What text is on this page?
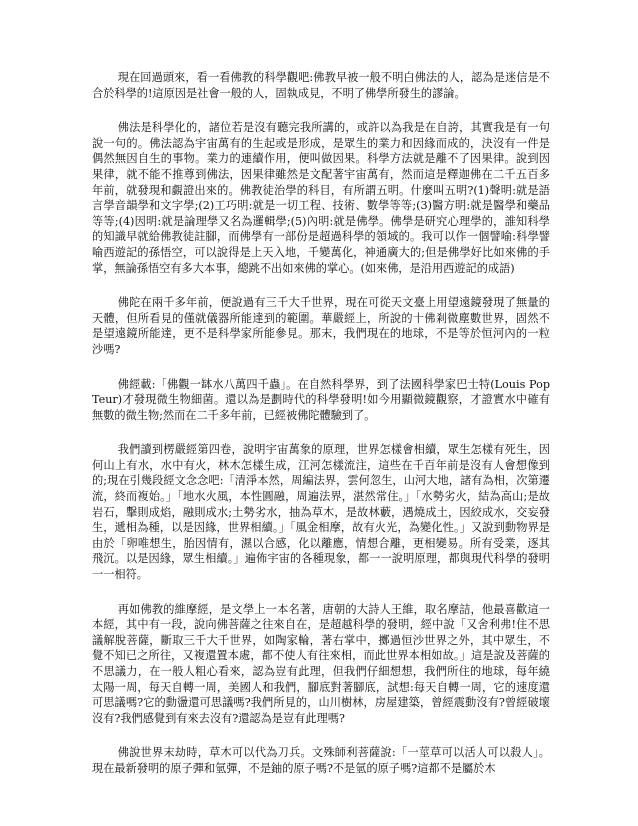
現在回過頭來，看一看佛教的科學觀吧:佛教早被一般不明白佛法的人，認為是迷信是不合於科學的!這原因是社會一般的人，固執成見，不明了佛學所發生的謬論。

佛法是科學化的，諸位若是沒有聽完我所講的，或許以為我是在自誇，其實我是有一句說一句的。佛法認為宇宙萬有的生起或是形成，是眾生的業力和因緣而成的，決沒有一件是偶然無因自生的事物。業力的連續作用，便叫做因果。科學方法就是離不了因果律。說到因果律，就不能不推尊到佛法，因果律雖然是文配著宇宙萬有，然而這是釋迦佛在二千五百多年前，就發現和覷證出來的。佛教徒治學的科目，有所謂五明。什麼叫五明?(1)聲明:就是語言學音韻學和文字學;(2)工巧明:就是一切工程、技術、數學等等;(3)醫方明:就是醫學和藥品等等;(4)因明:就是論理學又名為邏輯學;(5)內明:就是佛學。佛學是研究心理學的，誰知科學的知識早就給佛教徒註腳，而佛學有一部份是超過科學的領域的。我可以作一個譬喻:科學譬喻西遊記的孫悟空，可以說得是上天入地，千變萬化，神通廣大的;但是佛學好比如來佛的手掌，無論孫悟空有多大本事，總跳不出如來佛的掌心。(如來佛，是沿用西遊記的成語)

佛陀在兩千多年前，便說過有三千大千世界，現在可從天文臺上用望遠鏡發現了無量的天體，但所看見的僅就儀器所能達到的範圍。華嚴經上，所說的十佛剎微塵數世界，固然不是望遠鏡所能達，更不是科學家所能參見。那末，我們現在的地球，不是等於恒河內的一粒沙嗎?

佛經載:「佛觀一缽水八萬四千蟲」。在自然科學界，到了法國科學家巴士特(Louis Pop Teur)才發現微生物細菌。還以為是劃時代的科學發明!如今用顯微鏡觀察，才證實水中確有無數的微生物;然而在二千多年前，已經被佛陀體驗到了。

我們讀到楞嚴經第四卷，說明宇宙萬象的原理，世界怎樣會相續，眾生怎樣有死生，因何山上有水，水中有火，林木怎樣生成，江河怎樣流注，這些在千百年前是沒有人會想像到的;現在引幾段經文念念吧:「清淨本然，周編法界，雲何忽生，山河大地，諸有為相，次第遷流，終而複始。」「地水火風，本性圓融，周遍法界，湛然常住。」「水勢劣火，結為高山;是故岩石，擊則成焰，融則成水;土勢劣水，抽為草木，是故林藪，遇燒成土，因絞成水，交妄發生，遞相為種，以是因緣，世界相續。」「風金相摩，故有火光，為變化性。」又說到動物界是由於「卵唯想生，胎因情有，濕以合感，化以離應，情想合離，更相變易。所有受業，逐其飛沉。以是因緣，眾生相續。」遍佈宇宙的各種現象，都一一說明原理，都與現代科學的發明一一相符。

再如佛教的維摩經，是文學上一本名著，唐朝的大詩人王維，取名摩詰，他最喜歡這一本經，其中有一段，說向佛菩薩之往來自在，是超越科學的發明，經中說「又舍利弗!住不思議解脫菩薩，斷取三千大千世界，如陶家輪，著右掌中，擲過恒沙世界之外，其中眾生，不覺不知已之所往，又複還置本處，都不使人有往來相，而此世界本相如故。」這是說及菩薩的不思議力，在一般人粗心看來，認為豈有此理，但我們仔細想想，我們所住的地球，每年繞太陽一周，每天自轉一周，美國人和我們，腳底對著腳底，試想:每天自轉一周，它的速度還可思議嗎?它的動盪還可思議嗎?我們所見的，山川樹林，房屋建築，曾經震動沒有?曾經破壞沒有?我們感覺到有來去沒有?還認為是豈有此理嗎?

佛說世界末劫時，草木可以代為刀兵。文殊師利菩薩說:「一莖草可以活人可以殺人」。現在最新發明的原子彈和氫彈，不是鈾的原子嗎?不是氫的原子嗎?這都不是屬於木
